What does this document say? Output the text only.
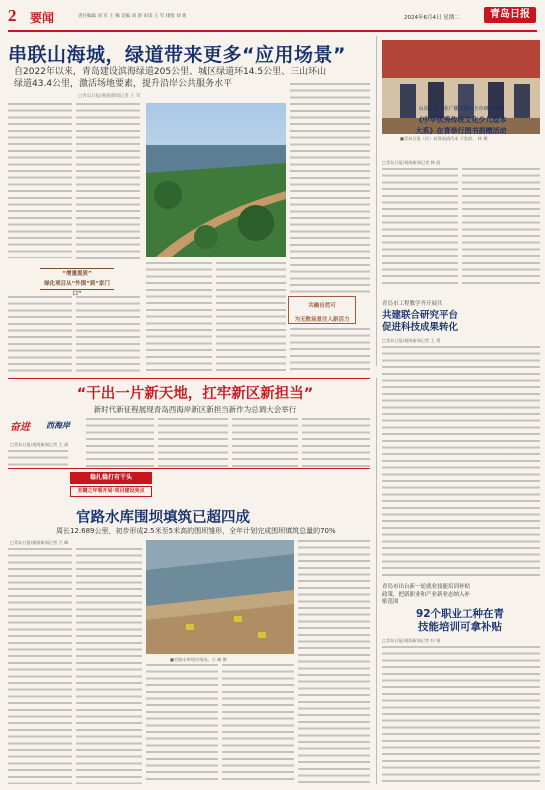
2 要闻	责任编辑 刘 军 王 佩 美编 刘 新 审读 王 军 排版 刘 新	2024年6月4日 星期二	青岛日报
串联山海城，绿道带来更多“应用场景”
自2022年以来，青岛建设滨海绿道205公里、城区绿道环14.5公里、三山环山
绿道43.4公里，激活场地要素，提升沿岸公共服务水平
□青岛日报/观海新闻记者 王 军
“增量提质”
绿化项目从“外围”到“家门口”
共融自然可
为无数场景注入新活力
■青岛日报（社）获得高清代本 下发的。 林 摄
山东文化产业广播大赛后全市研讨实践
《中华优秀传统文化少儿绘本
大系》在青举行图书捐赠活动
□青岛日报/观海新闻记者 韩 晨
青岛市工程教学齐开展共
共建联合研究平台
促进科技成果转化
□青岛日报/观海新闻记者 王 勇
“干出一片新天地，扛牢新区新担当”
新时代新征程展现青岛西海岸新区新担当新作为总调大会举行
奋进 西海岸
□青岛日报/观海新闻记者 王 斌
稳扎稳打有干头
关键之年看开局·项目建设亮点
官路水库围坝填筑已超四成
周长12.689公里，初步形成2.5米至5米高的围坝雏形，全年计划完成围坝填筑总量的70%
□青岛日报/观海新闻记者 吕 峰
■官路水库建设现场。吕 峰 摄
青岛市出台新一轮就业技能培训补贴
政策，把新职业和产业新业态纳入补
贴范围
92个职业工种在青
技能培训可拿补贴
□青岛日报/观海新闻记者 杜 娟
